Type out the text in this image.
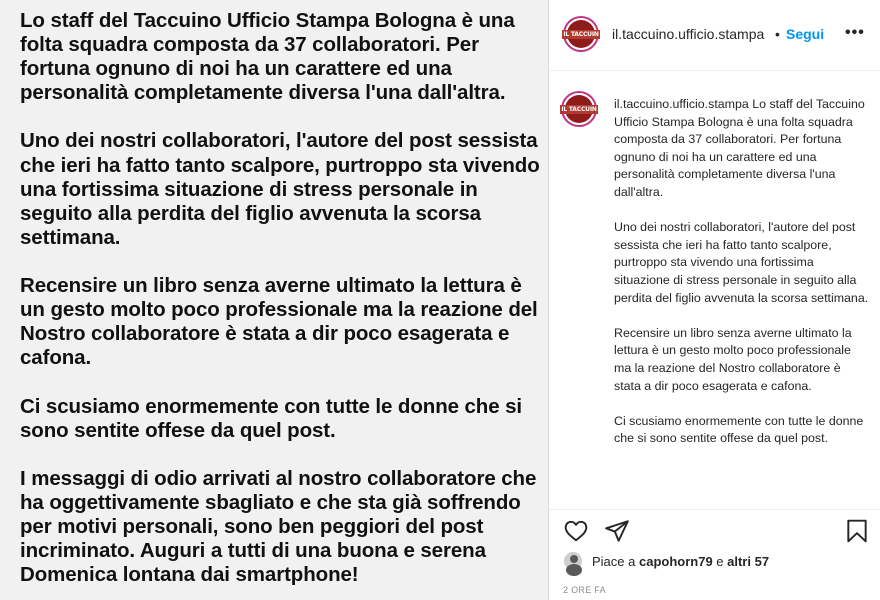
Lo staff del Taccuino Ufficio Stampa Bologna è una folta squadra composta da 37 collaboratori. Per fortuna ognuno di noi ha un carattere ed una personalità completamente diversa l'una dall'altra.

Uno dei nostri collaboratori, l'autore del post sessista che ieri ha fatto tanto scalpore, purtroppo sta vivendo una fortissima situazione di stress personale in seguito alla perdita del figlio avvenuta la scorsa settimana.

Recensire un libro senza averne ultimato la lettura è un gesto molto poco professionale ma la reazione del Nostro collaboratore è stata a dir poco esagerata e cafona.

Ci scusiamo enormemente con tutte le donne che si sono sentite offese da quel post.

I messaggi di odio arrivati al nostro collaboratore che ha oggettivamente sbagliato e che sta già soffrendo per motivi personali, sono ben peggiori del post incriminato. Auguri a tutti di una buona e serena Domenica lontana dai smartphone!

IL TACCUIN il.taccuino.ufficio.stampa • Segui •••
IL TACCUIN il.taccuino.ufficio.stampa Lo staff del Taccuino Ufficio Stampa Bologna è una folta squadra composta da 37 collaboratori. Per fortuna ognuno di noi ha un carattere ed una personalità completamente diversa l'una dall'altra.

Uno dei nostri collaboratori, l'autore del post sessista che ieri ha fatto tanto scalpore, purtroppo sta vivendo una fortissima situazione di stress personale in seguito alla perdita del figlio avvenuta la scorsa settimana.

Recensire un libro senza averne ultimato la lettura è un gesto molto poco professionale ma la reazione del Nostro collaboratore è stata a dir poco esagerata e cafona.

Ci scusiamo enormemente con tutte le donne che si sono sentite offese da quel post.

Piace a capohorn79 e altri 57
2 ORE FA
